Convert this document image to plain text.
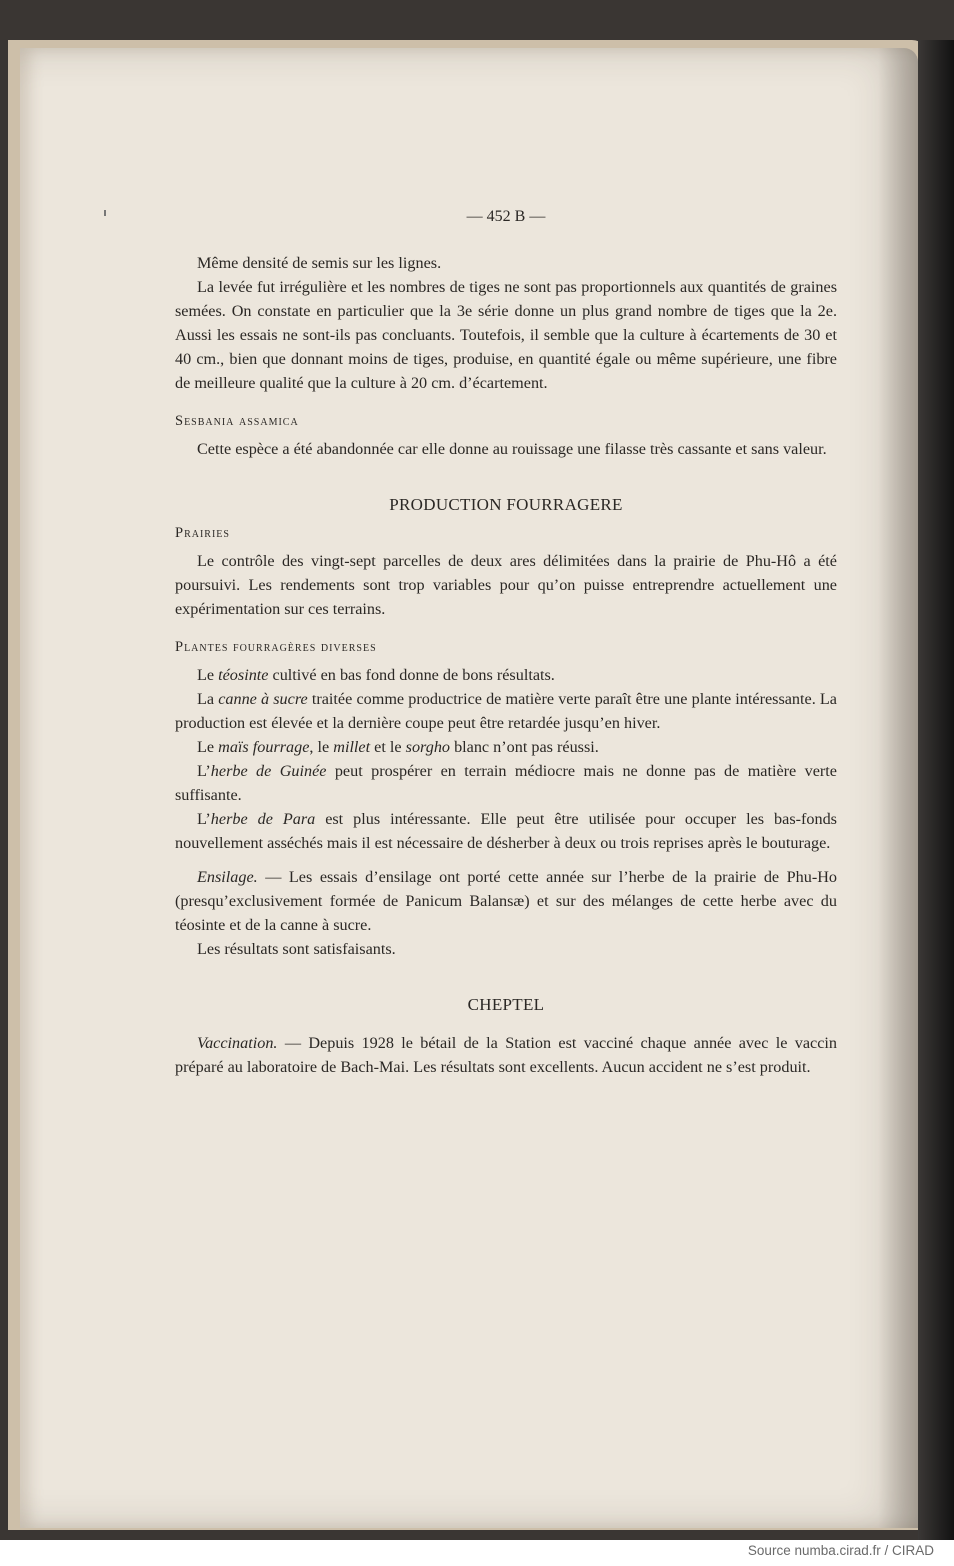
— 452 B —

Même densité de semis sur les lignes.

La levée fut irrégulière et les nombres de tiges ne sont pas proportionnels aux quantités de graines semées. On constate en particulier que la 3e série donne un plus grand nombre de tiges que la 2e. Aussi les essais ne sont-ils pas concluants. Toutefois, il semble que la culture à écartements de 30 et 40 cm., bien que donnant moins de tiges, produise, en quantité égale ou même supérieure, une fibre de meilleure qualité que la culture à 20 cm. d’écartement.

Sesbania assamica

Cette espèce a été abandonnée car elle donne au rouissage une filasse très cassante et sans valeur.

PRODUCTION FOURRAGERE
Prairies

Le contrôle des vingt-sept parcelles de deux ares délimitées dans la prairie de Phu-Hô a été poursuivi. Les rendements sont trop variables pour qu’on puisse entreprendre actuellement une expérimentation sur ces terrains.

Plantes fourragères diverses

Le téosinte cultivé en bas fond donne de bons résultats.

La canne à sucre traitée comme productrice de matière verte paraît être une plante intéressante. La production est élevée et la dernière coupe peut être retardée jusqu’en hiver.

Le maïs fourrage, le millet et le sorgho blanc n’ont pas réussi.

L’herbe de Guinée peut prospérer en terrain médiocre mais ne donne pas de matière verte suffisante.

L’herbe de Para est plus intéressante. Elle peut être utilisée pour occuper les bas-fonds nouvellement asséchés mais il est nécessaire de désherber à deux ou trois reprises après le bouturage.

Ensilage. — Les essais d’ensilage ont porté cette année sur l’herbe de la prairie de Phu-Ho (presqu’exclusivement formée de Panicum Balansæ) et sur des mélanges de cette herbe avec du téosinte et de la canne à sucre.

Les résultats sont satisfaisants.

CHEPTEL

Vaccination. — Depuis 1928 le bétail de la Station est vacciné chaque année avec le vaccin préparé au laboratoire de Bach-Mai. Les résultats sont excellents. Aucun accident ne s’est produit.

Source numba.cirad.fr / CIRAD
